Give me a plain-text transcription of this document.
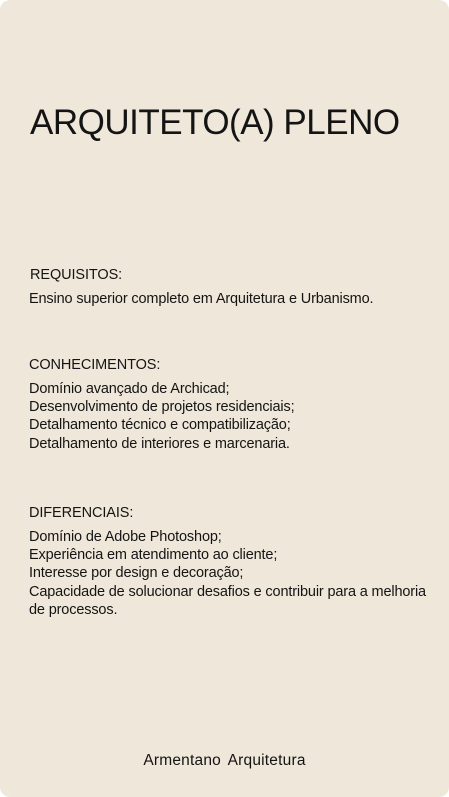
ARQUITETO(A) PLENO
REQUISITOS:
Ensino superior completo em Arquitetura e Urbanismo.
CONHECIMENTOS:
Domínio avançado de Archicad;
Desenvolvimento de projetos residenciais;
Detalhamento técnico e compatibilização;
Detalhamento de interiores e marcenaria.
DIFERENCIAIS:
Domínio de Adobe Photoshop;
Experiência em atendimento ao cliente;
Interesse por design e decoração;
Capacidade de solucionar desafios e contribuir para a melhoria
de processos.

Armentano Arquitetura
